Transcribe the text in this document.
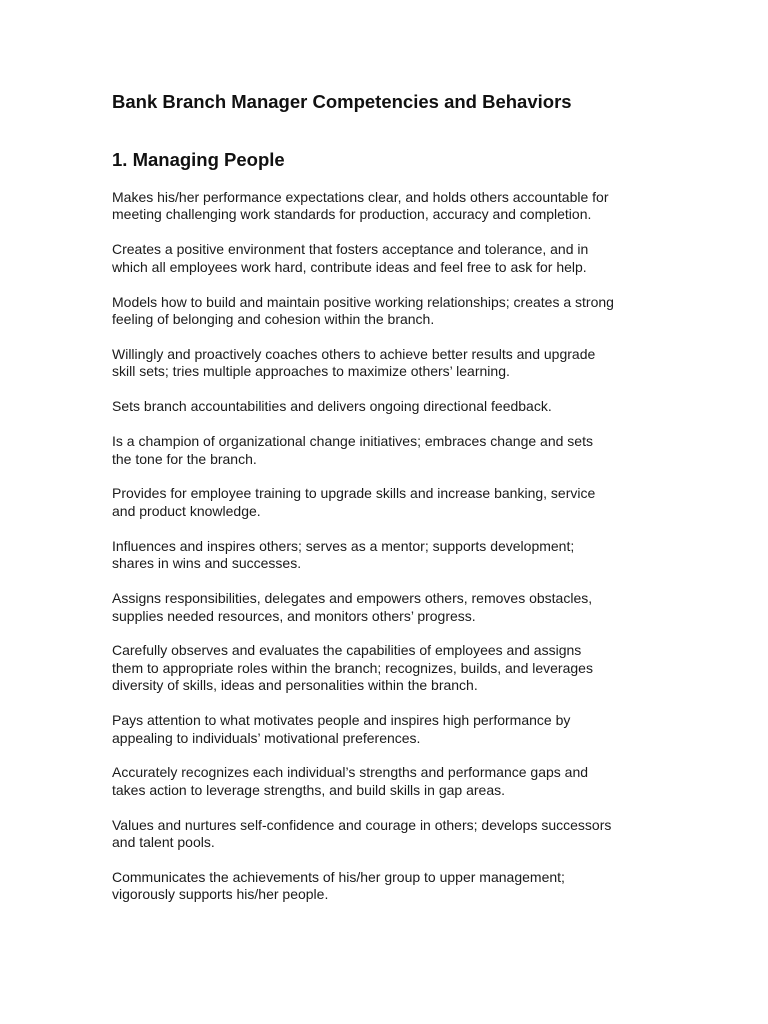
Bank Branch Manager Competencies and Behaviors
1. Managing People

Makes his/her performance expectations clear, and holds others accountable for
meeting challenging work standards for production, accuracy and completion.

Creates a positive environment that fosters acceptance and tolerance, and in
which all employees work hard, contribute ideas and feel free to ask for help.

Models how to build and maintain positive working relationships; creates a strong
feeling of belonging and cohesion within the branch.

Willingly and proactively coaches others to achieve better results and upgrade
skill sets; tries multiple approaches to maximize others’ learning.

Sets branch accountabilities and delivers ongoing directional feedback.

Is a champion of organizational change initiatives; embraces change and sets
the tone for the branch.

Provides for employee training to upgrade skills and increase banking, service
and product knowledge.

Influences and inspires others; serves as a mentor; supports development;
shares in wins and successes.

Assigns responsibilities, delegates and empowers others, removes obstacles,
supplies needed resources, and monitors others’ progress.

Carefully observes and evaluates the capabilities of employees and assigns
them to appropriate roles within the branch; recognizes, builds, and leverages
diversity of skills, ideas and personalities within the branch.

Pays attention to what motivates people and inspires high performance by
appealing to individuals’ motivational preferences.

Accurately recognizes each individual’s strengths and performance gaps and
takes action to leverage strengths, and build skills in gap areas.

Values and nurtures self-confidence and courage in others; develops successors
and talent pools.

Communicates the achievements of his/her group to upper management;
vigorously supports his/her people.
